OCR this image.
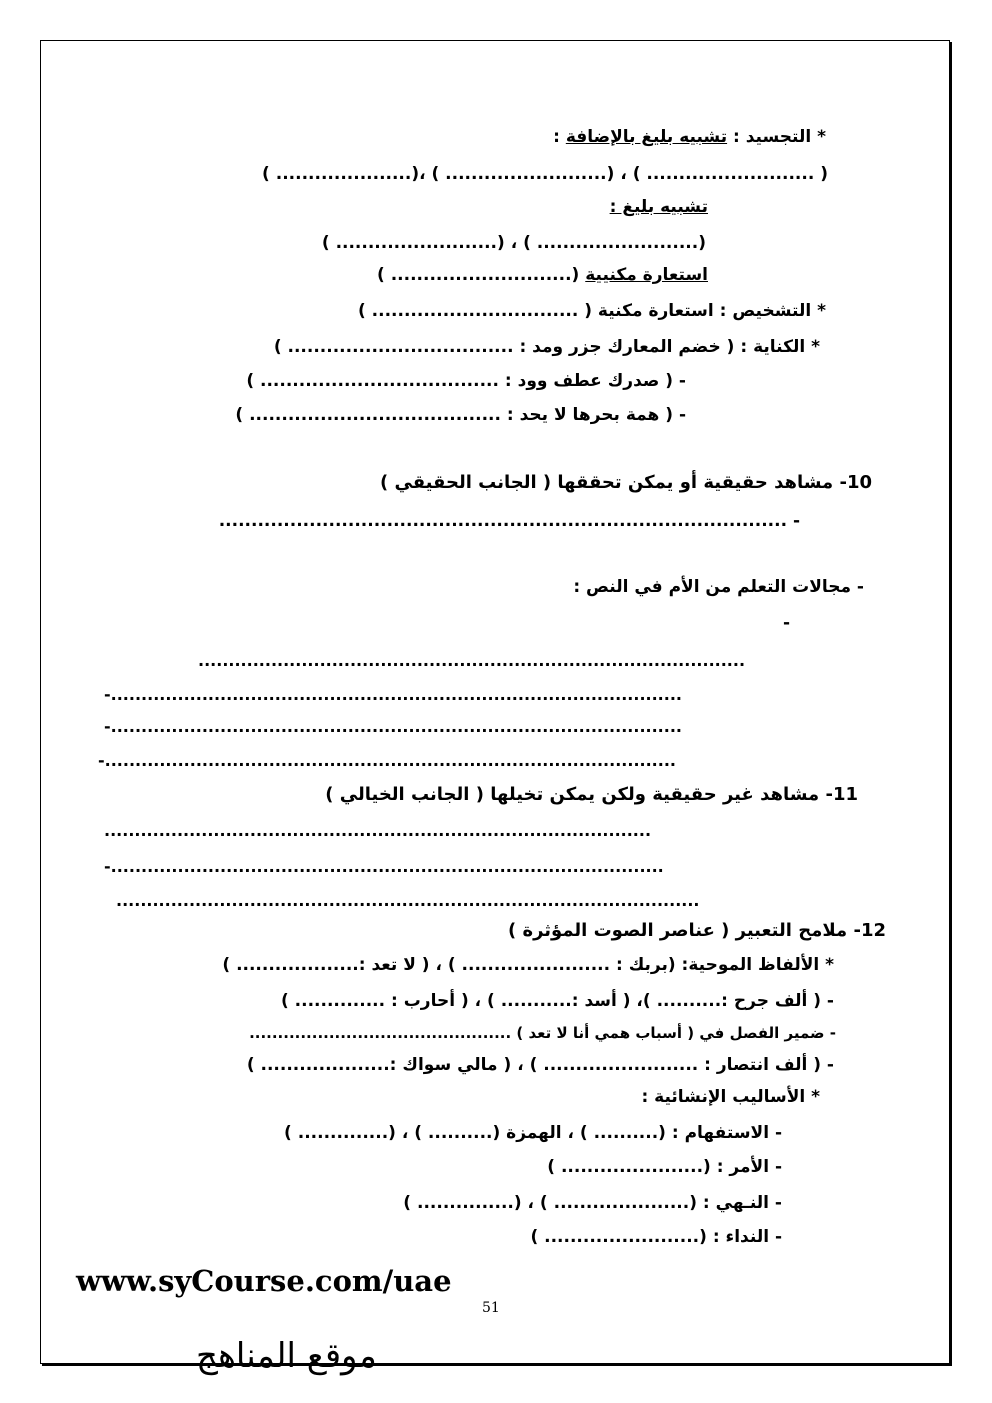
* التجسيد : تشبيه بليغ بالإضافة :
( .......................... ) ، (......................... ) ،(..................... )
تشبيه بليغ :
(......................... ) ، (......................... )
استعارة مكنيية (............................ )
* التشخيص : استعارة مكنية ( ................................ )
* الكناية : ( خضم المعارك جزر ومد : ................................... )
- ( صدرك عطف وود : ..................................... )
- ( همة بحرها لا يحد : ....................................... )
10- مشاهد حقيقية أو يمكن تحققها ( الجانب الحقيقي )
- ........................................................................................
- مجالات التعلم من الأم في النص :
-
..........................................................................................
-..............................................................................................
-..............................................................................................
-..............................................................................................
11- مشاهد غير حقيقية ولكن يمكن تخيلها ( الجانب الخيالي )
..........................................................................................
-...........................................................................................
................................................................................................
12- ملامح التعبير ( عناصر الصوت المؤثرة )
* الألفاظ الموحية: (بربك : ....................... ) ، ( لا تعد :................... )
- ( ألف جرح :.......... )، ( أسد :........... ) ، ( أحارب : .............. )
- ضمير الفصل في ( أسباب همي أنا لا تعد ) ..............................................
- ( ألف انتصار : ........................ ) ، ( مالي سواك :.................... )
* الأساليب الإنشائية :
- الاستفهام : (.......... ) ، الهمزة (.......... ) ، (.............. )
- الأمر : (...................... )
- النـهي : (..................... ) ، (............... )
- النداء : (........................ )
www.syCourse.com/uae
51
موقع المناهج
